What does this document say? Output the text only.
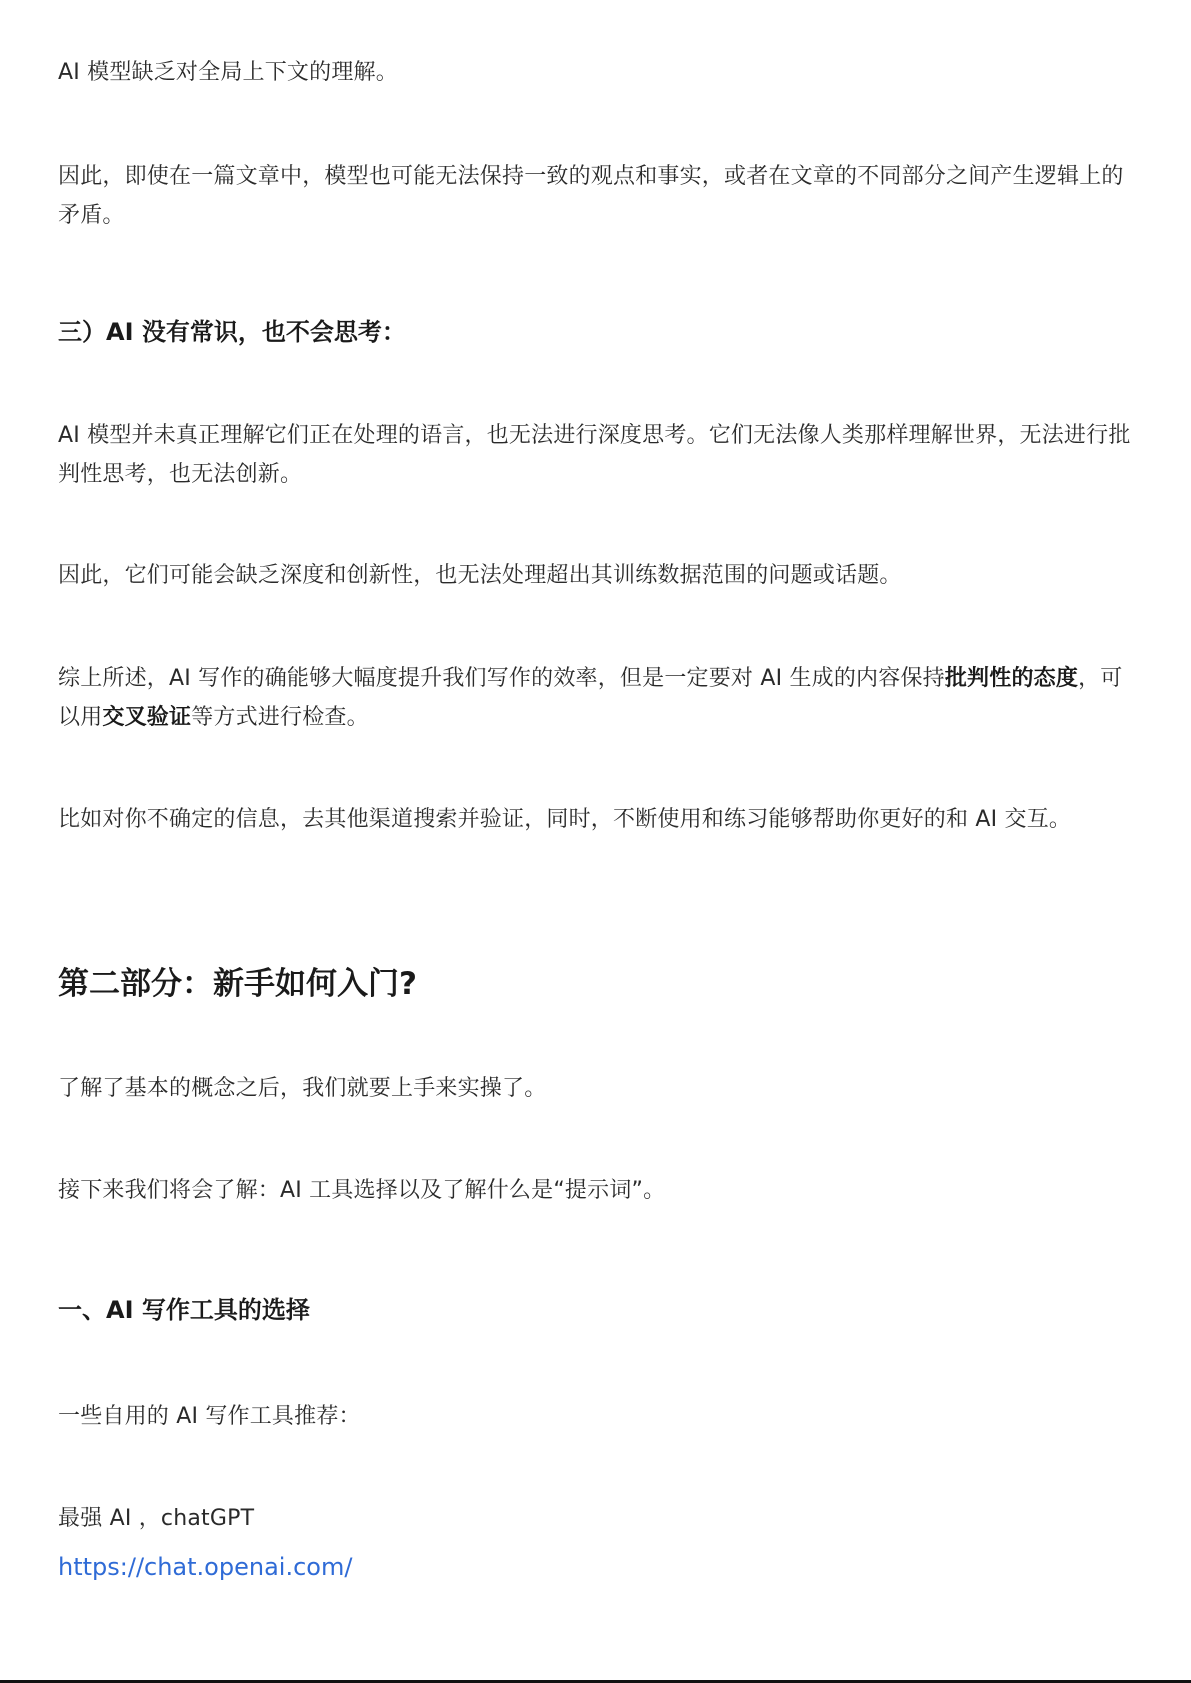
AI 模型缺乏对全局上下文的理解。

因此，即使在一篇文章中，模型也可能无法保持一致的观点和事实，或者在文章的不同部分之间产生逻辑上的矛盾。

三）AI 没有常识，也不会思考：

AI 模型并未真正理解它们正在处理的语言，也无法进行深度思考。它们无法像人类那样理解世界，无法进行批判性思考，也无法创新。

因此，它们可能会缺乏深度和创新性，也无法处理超出其训练数据范围的问题或话题。

综上所述，AI 写作的确能够大幅度提升我们写作的效率，但是一定要对 AI 生成的内容保持批判性的态度，可以用交叉验证等方式进行检查。

比如对你不确定的信息，去其他渠道搜索并验证，同时，不断使用和练习能够帮助你更好的和 AI 交互。

第二部分：新手如何入门?

了解了基本的概念之后，我们就要上手来实操了。

接下来我们将会了解：AI 工具选择以及了解什么是“提示词”。

一、AI 写作工具的选择

一些自用的 AI 写作工具推荐：

最强 AI ，chatGPT

https://chat.openai.com/
